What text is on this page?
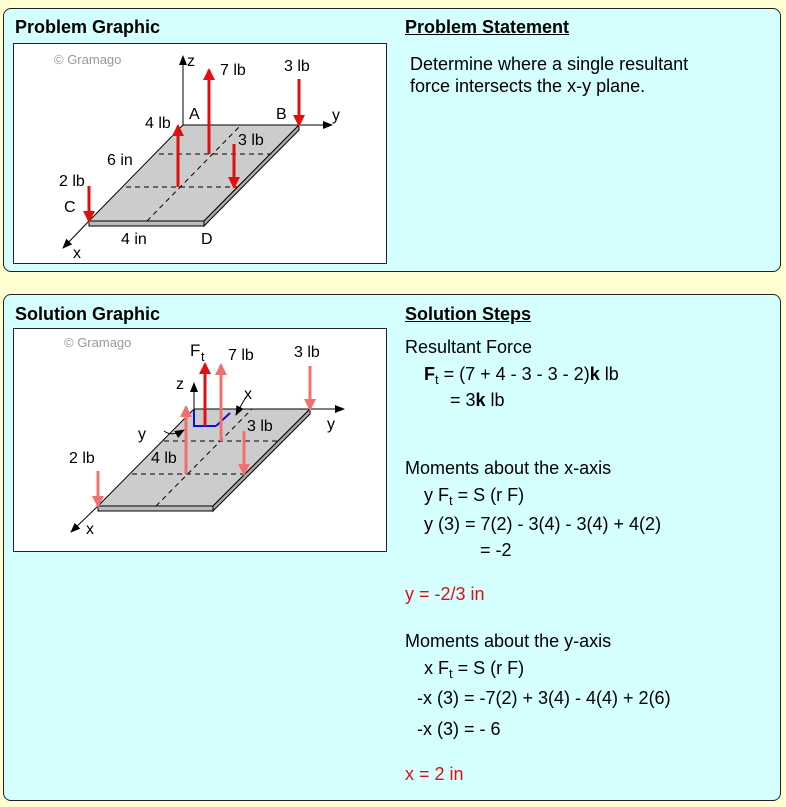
Problem Graphic	Problem Statement
Determine where a single resultant
force intersects the x-y plane.
© Gramago	z
7 lb 3 lb
y
A	B
4 lb
3 lb
6 in
2 lb
C
4 in	D
x
Solution Graphic	Solution Steps
© Gramago	F t 7 lb	3 lb
z
x
y	3 lb	y
2 lb	4 lb
x
Resultant Force
$F_t = (7 + 4 - 3 - 3 - 2)k$ lb
= 3k lb
Moments about the x-axis
y $F_t = S$ (r F)
y (3) = 7(2) - 3(4) - 3(4) + 4(2)
= -2
y = -2/3 in
Moments about the y-axis
x $F_t = S$ (r F)
-x (3) = -7(2) + 3(4) - 4(4) + 2(6)
-x (3) = - 6
x = 2 in
